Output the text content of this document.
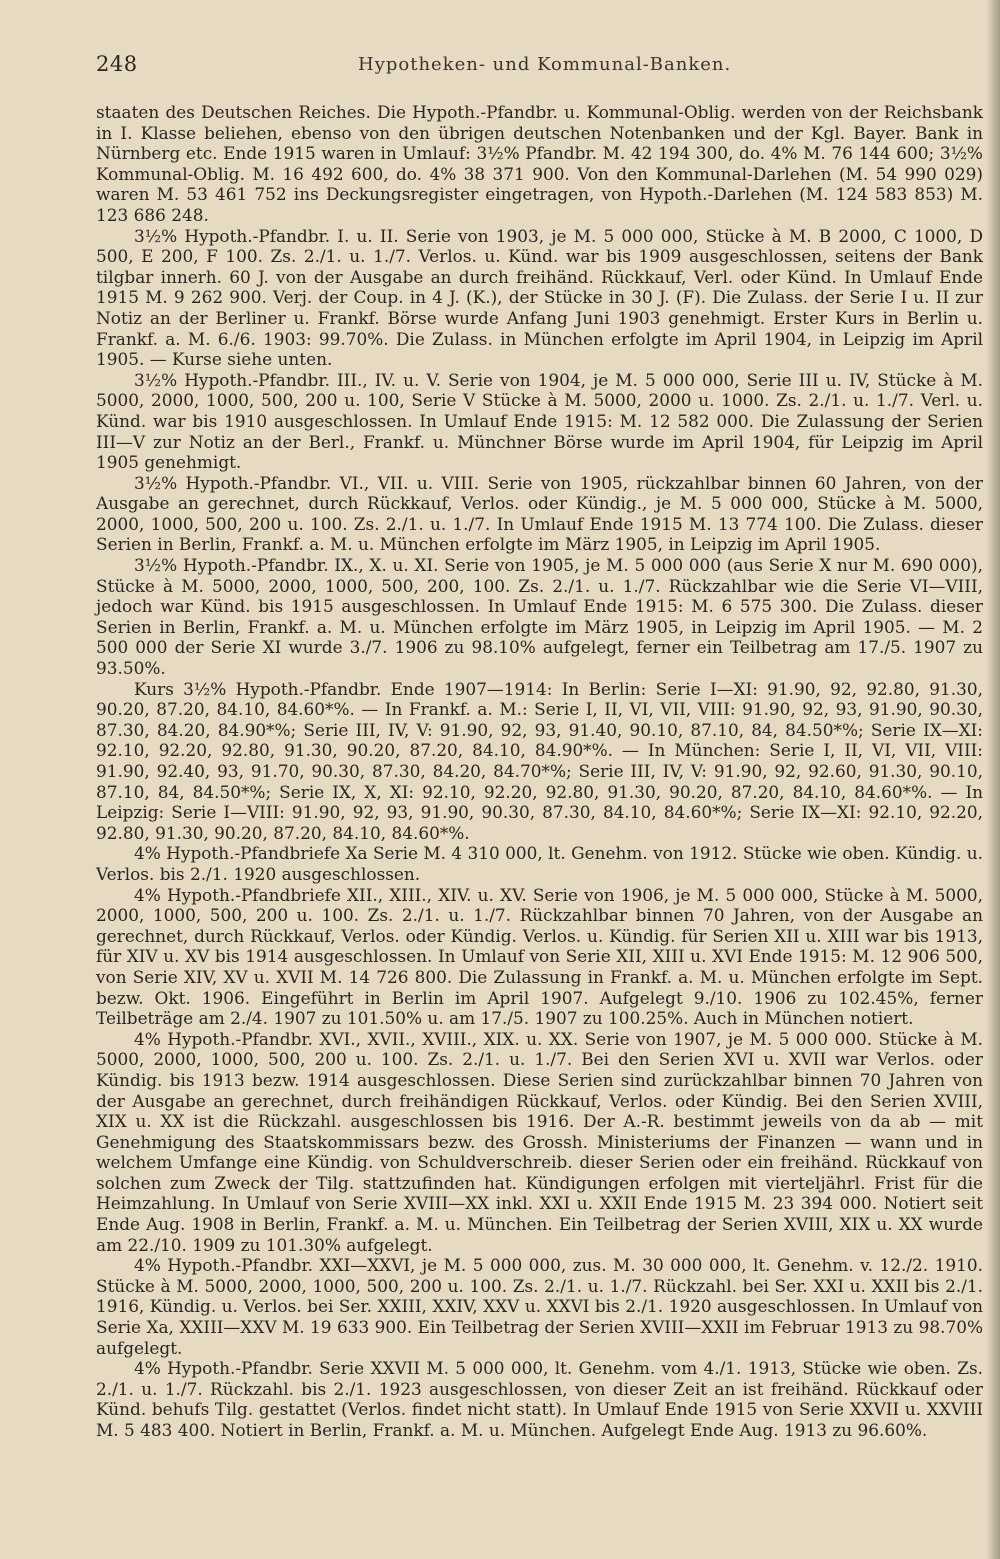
248	Hypotheken- und Kommunal-Banken.

staaten des Deutschen Reiches. Die Hypoth.-Pfandbr. u. Kommunal-Oblig. werden von der Reichsbank in I. Klasse beliehen, ebenso von den übrigen deutschen Notenbanken und der Kgl. Bayer. Bank in Nürnberg etc. Ende 1915 waren in Umlauf: 3½% Pfandbr. M. 42 194 300, do. 4% M. 76 144 600; 3½% Kommunal-Oblig. M. 16 492 600, do. 4% 38 371 900. Von den Kommunal-Darlehen (M. 54 990 029) waren M. 53 461 752 ins Deckungsregister eingetragen, von Hypoth.-Darlehen (M. 124 583 853) M. 123 686 248.

3½% Hypoth.-Pfandbr. I. u. II. Serie von 1903, je M. 5 000 000, Stücke à M. B 2000, C 1000, D 500, E 200, F 100. Zs. 2./1. u. 1./7. Verlos. u. Künd. war bis 1909 ausgeschlossen, seitens der Bank tilgbar innerh. 60 J. von der Ausgabe an durch freihänd. Rückkauf, Verl. oder Künd. In Umlauf Ende 1915 M. 9 262 900. Verj. der Coup. in 4 J. (K.), der Stücke in 30 J. (F). Die Zulass. der Serie I u. II zur Notiz an der Berliner u. Frankf. Börse wurde Anfang Juni 1903 genehmigt. Erster Kurs in Berlin u. Frankf. a. M. 6./6. 1903: 99.70%. Die Zulass. in München erfolgte im April 1904, in Leipzig im April 1905. — Kurse siehe unten.

3½% Hypoth.-Pfandbr. III., IV. u. V. Serie von 1904, je M. 5 000 000, Serie III u. IV, Stücke à M. 5000, 2000, 1000, 500, 200 u. 100, Serie V Stücke à M. 5000, 2000 u. 1000. Zs. 2./1. u. 1./7. Verl. u. Künd. war bis 1910 ausgeschlossen. In Umlauf Ende 1915: M. 12 582 000. Die Zulassung der Serien III—V zur Notiz an der Berl., Frankf. u. Münchner Börse wurde im April 1904, für Leipzig im April 1905 genehmigt.

3½% Hypoth.-Pfandbr. VI., VII. u. VIII. Serie von 1905, rückzahlbar binnen 60 Jahren, von der Ausgabe an gerechnet, durch Rückkauf, Verlos. oder Kündig., je M. 5 000 000, Stücke à M. 5000, 2000, 1000, 500, 200 u. 100. Zs. 2./1. u. 1./7. In Umlauf Ende 1915 M. 13 774 100. Die Zulass. dieser Serien in Berlin, Frankf. a. M. u. München erfolgte im März 1905, in Leipzig im April 1905.

3½% Hypoth.-Pfandbr. IX., X. u. XI. Serie von 1905, je M. 5 000 000 (aus Serie X nur M. 690 000), Stücke à M. 5000, 2000, 1000, 500, 200, 100. Zs. 2./1. u. 1./7. Rückzahlbar wie die Serie VI—VIII, jedoch war Künd. bis 1915 ausgeschlossen. In Umlauf Ende 1915: M. 6 575 300. Die Zulass. dieser Serien in Berlin, Frankf. a. M. u. München erfolgte im März 1905, in Leipzig im April 1905. — M. 2 500 000 der Serie XI wurde 3./7. 1906 zu 98.10% aufgelegt, ferner ein Teilbetrag am 17./5. 1907 zu 93.50%.

Kurs 3½% Hypoth.-Pfandbr. Ende 1907—1914: In Berlin: Serie I—XI: 91.90, 92, 92.80, 91.30, 90.20, 87.20, 84.10, 84.60*%. — In Frankf. a. M.: Serie I, II, VI, VII, VIII: 91.90, 92, 93, 91.90, 90.30, 87.30, 84.20, 84.90*%; Serie III, IV, V: 91.90, 92, 93, 91.40, 90.10, 87.10, 84, 84.50*%; Serie IX—XI: 92.10, 92.20, 92.80, 91.30, 90.20, 87.20, 84.10, 84.90*%. — In München: Serie I, II, VI, VII, VIII: 91.90, 92.40, 93, 91.70, 90.30, 87.30, 84.20, 84.70*%; Serie III, IV, V: 91.90, 92, 92.60, 91.30, 90.10, 87.10, 84, 84.50*%; Serie IX, X, XI: 92.10, 92.20, 92.80, 91.30, 90.20, 87.20, 84.10, 84.60*%. — In Leipzig: Serie I—VIII: 91.90, 92, 93, 91.90, 90.30, 87.30, 84.10, 84.60*%; Serie IX—XI: 92.10, 92.20, 92.80, 91.30, 90.20, 87.20, 84.10, 84.60*%.

4% Hypoth.-Pfandbriefe Xa Serie M. 4 310 000, lt. Genehm. von 1912. Stücke wie oben. Kündig. u. Verlos. bis 2./1. 1920 ausgeschlossen.

4% Hypoth.-Pfandbriefe XII., XIII., XIV. u. XV. Serie von 1906, je M. 5 000 000, Stücke à M. 5000, 2000, 1000, 500, 200 u. 100. Zs. 2./1. u. 1./7. Rückzahlbar binnen 70 Jahren, von der Ausgabe an gerechnet, durch Rückkauf, Verlos. oder Kündig. Verlos. u. Kündig. für Serien XII u. XIII war bis 1913, für XIV u. XV bis 1914 ausgeschlossen. In Umlauf von Serie XII, XIII u. XVI Ende 1915: M. 12 906 500, von Serie XIV, XV u. XVII M. 14 726 800. Die Zulassung in Frankf. a. M. u. München erfolgte im Sept. bezw. Okt. 1906. Eingeführt in Berlin im April 1907. Aufgelegt 9./10. 1906 zu 102.45%, ferner Teilbeträge am 2./4. 1907 zu 101.50% u. am 17./5. 1907 zu 100.25%. Auch in München notiert.

4% Hypoth.-Pfandbr. XVI., XVII., XVIII., XIX. u. XX. Serie von 1907, je M. 5 000 000. Stücke à M. 5000, 2000, 1000, 500, 200 u. 100. Zs. 2./1. u. 1./7. Bei den Serien XVI u. XVII war Verlos. oder Kündig. bis 1913 bezw. 1914 ausgeschlossen. Diese Serien sind zurückzahlbar binnen 70 Jahren von der Ausgabe an gerechnet, durch freihändigen Rückkauf, Verlos. oder Kündig. Bei den Serien XVIII, XIX u. XX ist die Rückzahl. ausgeschlossen bis 1916. Der A.-R. bestimmt jeweils von da ab — mit Genehmigung des Staatskommissars bezw. des Grossh. Ministeriums der Finanzen — wann und in welchem Umfange eine Kündig. von Schuldverschreib. dieser Serien oder ein freihänd. Rückkauf von solchen zum Zweck der Tilg. stattzufinden hat. Kündigungen erfolgen mit vierteljährl. Frist für die Heimzahlung. In Umlauf von Serie XVIII—XX inkl. XXI u. XXII Ende 1915 M. 23 394 000. Notiert seit Ende Aug. 1908 in Berlin, Frankf. a. M. u. München. Ein Teilbetrag der Serien XVIII, XIX u. XX wurde am 22./10. 1909 zu 101.30% aufgelegt.

4% Hypoth.-Pfandbr. XXI—XXVI, je M. 5 000 000, zus. M. 30 000 000, lt. Genehm. v. 12./2. 1910. Stücke à M. 5000, 2000, 1000, 500, 200 u. 100. Zs. 2./1. u. 1./7. Rückzahl. bei Ser. XXI u. XXII bis 2./1. 1916, Kündig. u. Verlos. bei Ser. XXIII, XXIV, XXV u. XXVI bis 2./1. 1920 ausgeschlossen. In Umlauf von Serie Xa, XXIII—XXV M. 19 633 900. Ein Teilbetrag der Serien XVIII—XXII im Februar 1913 zu 98.70% aufgelegt.

4% Hypoth.-Pfandbr. Serie XXVII M. 5 000 000, lt. Genehm. vom 4./1. 1913, Stücke wie oben. Zs. 2./1. u. 1./7. Rückzahl. bis 2./1. 1923 ausgeschlossen, von dieser Zeit an ist freihänd. Rückkauf oder Künd. behufs Tilg. gestattet (Verlos. findet nicht statt). In Umlauf Ende 1915 von Serie XXVII u. XXVIII M. 5 483 400. Notiert in Berlin, Frankf. a. M. u. München. Aufgelegt Ende Aug. 1913 zu 96.60%.
